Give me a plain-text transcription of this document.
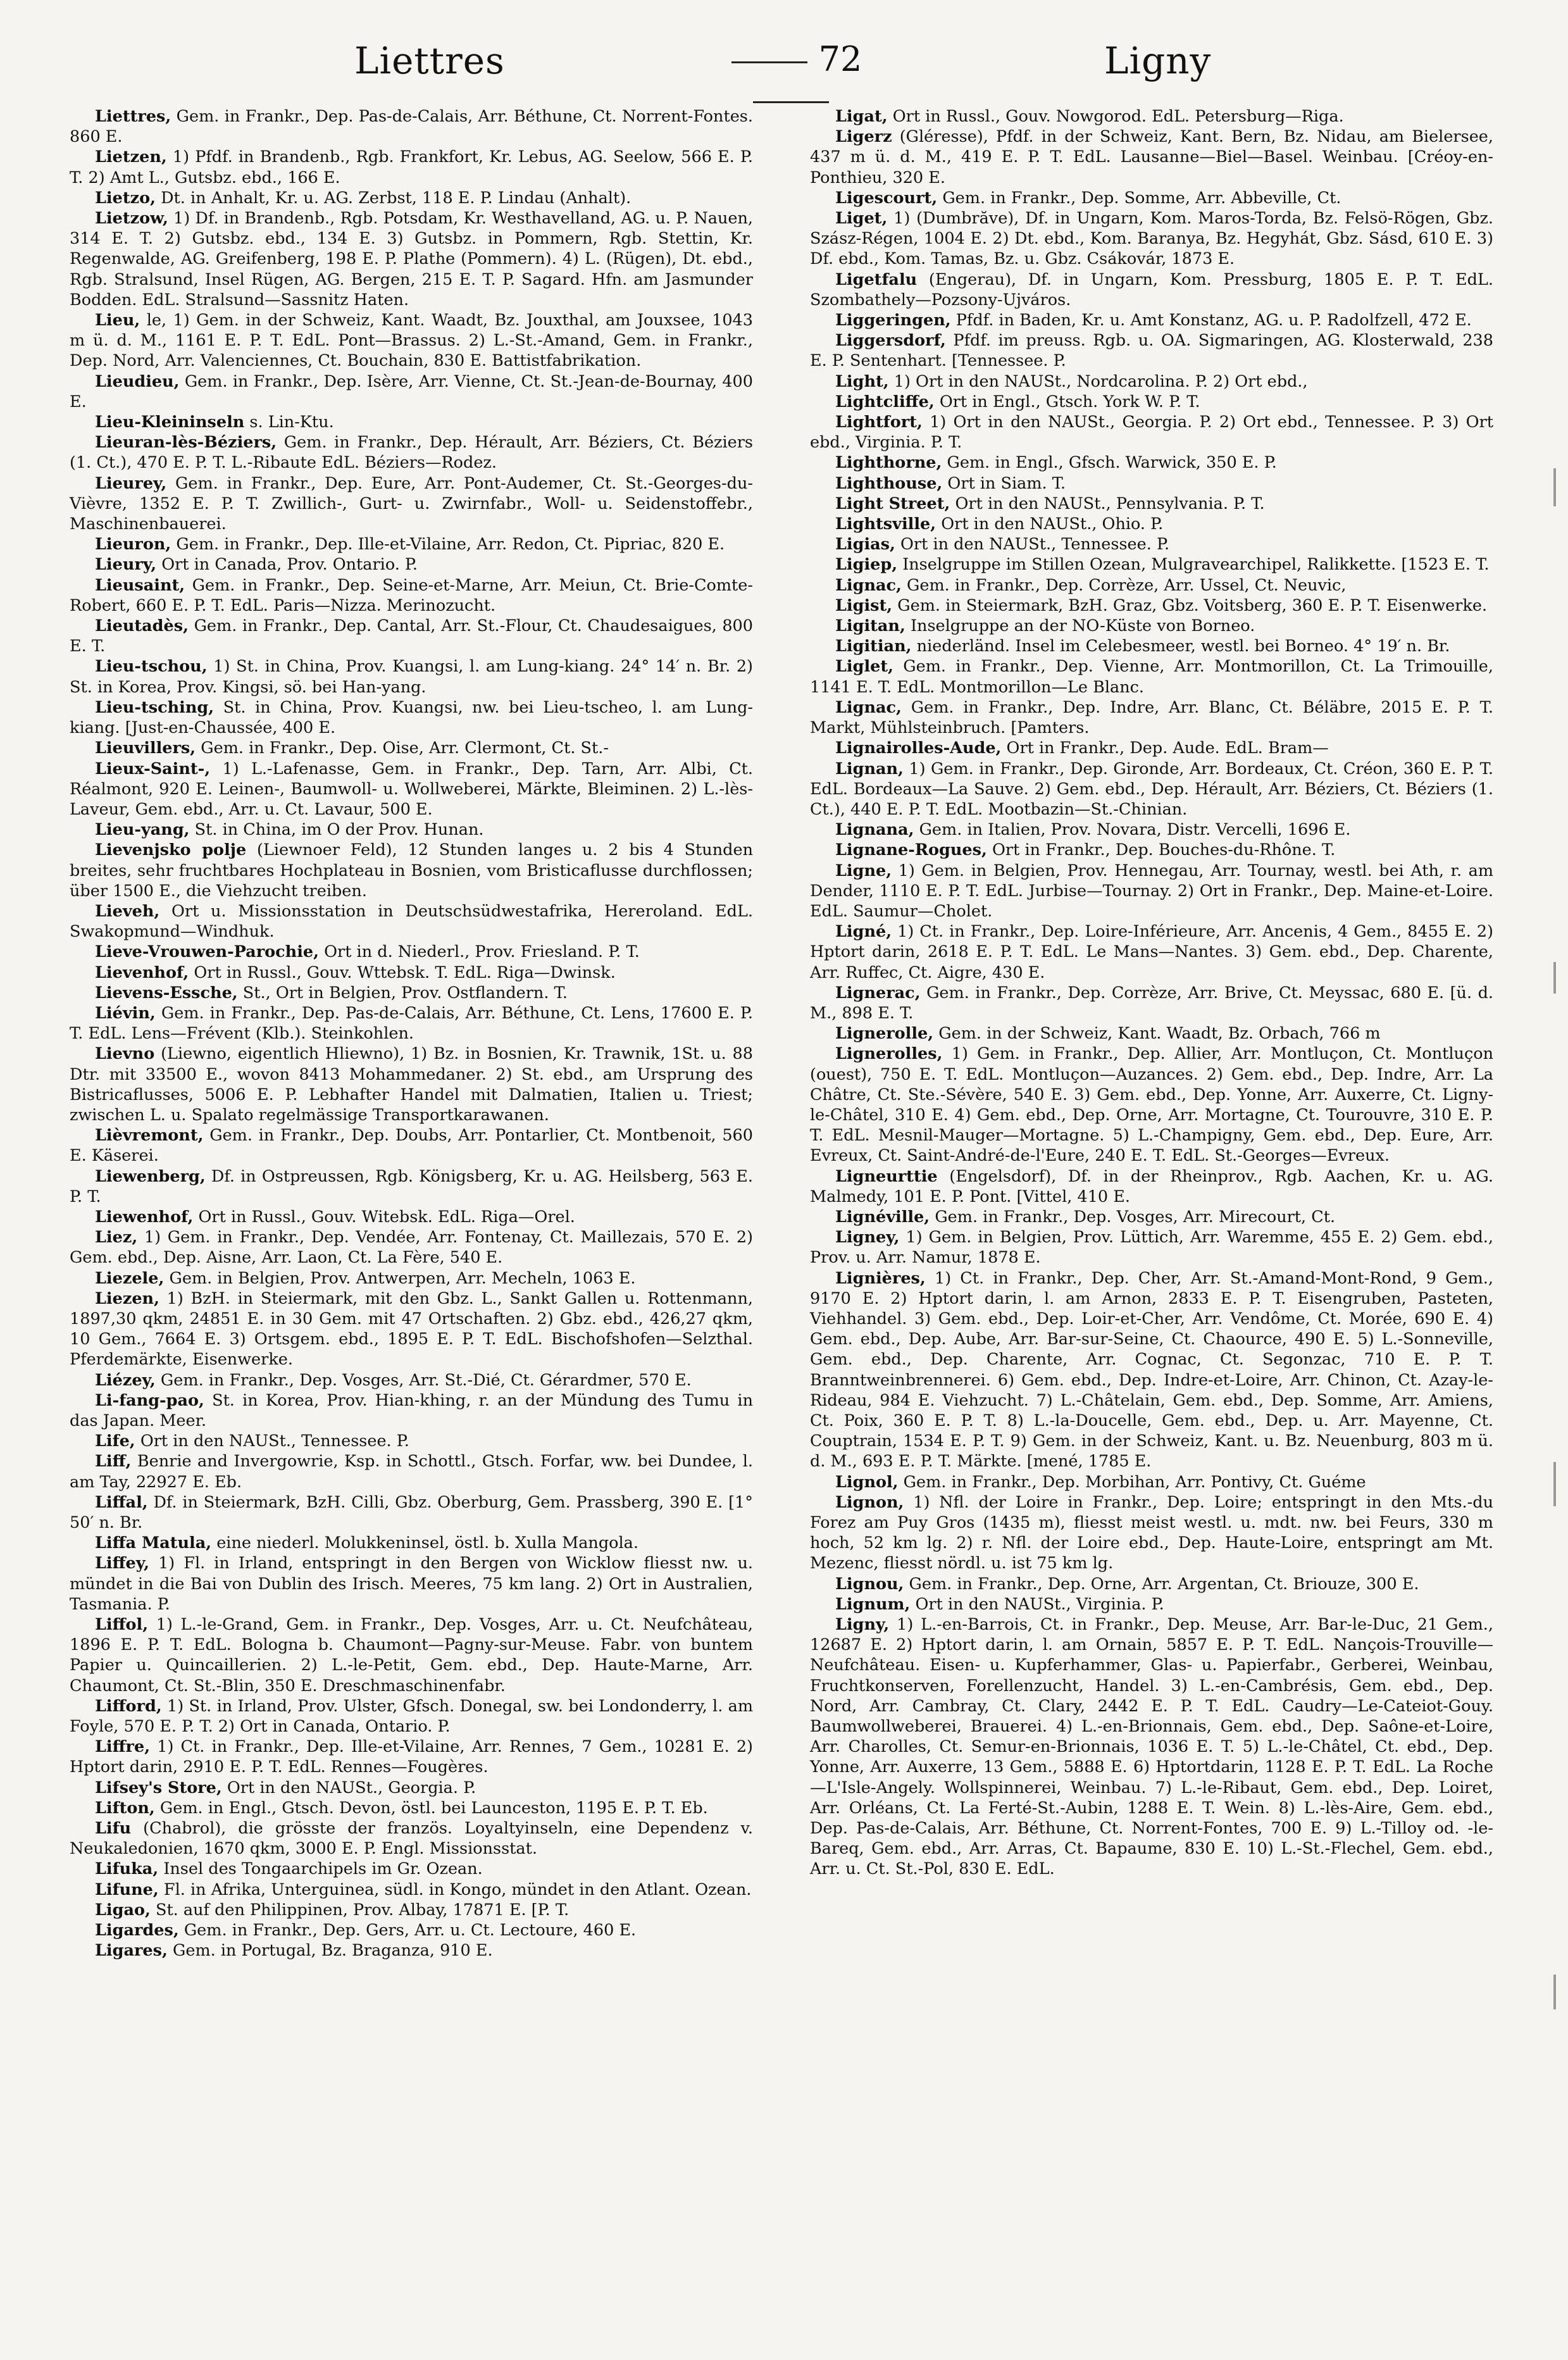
Liettres	72	Ligny

Liettres, Gem. in Frankr., Dep. Pas-de-Calais, Arr. Béthune, Ct. Norrent-Fontes. 860 E.

Lietzen, 1) Pfdf. in Brandenb., Rgb. Frankfort, Kr. Lebus, AG. Seelow, 566 E. P. T. 2) Amt L., Gutsbz. ebd., 166 E.

Lietzo, Dt. in Anhalt, Kr. u. AG. Zerbst, 118 E. P. Lindau (Anhalt).

Lietzow, 1) Df. in Brandenb., Rgb. Potsdam, Kr. Westhavelland, AG. u. P. Nauen, 314 E. T. 2) Gutsbz. ebd., 134 E. 3) Gutsbz. in Pommern, Rgb. Stettin, Kr. Regenwalde, AG. Greifenberg, 198 E. P. Plathe (Pommern). 4) L. (Rügen), Dt. ebd., Rgb. Stralsund, Insel Rügen, AG. Bergen, 215 E. T. P. Sagard. Hfn. am Jasmunder Bodden. EdL. Stralsund—Sassnitz Haten.

Lieu, le, 1) Gem. in der Schweiz, Kant. Waadt, Bz. Jouxthal, am Jouxsee, 1043 m ü. d. M., 1161 E. P. T. EdL. Pont—Brassus. 2) L.-St.-Amand, Gem. in Frankr., Dep. Nord, Arr. Valenciennes, Ct. Bouchain, 830 E. Battistfabrikation.

Lieudieu, Gem. in Frankr., Dep. Isère, Arr. Vienne, Ct. St.-Jean-de-Bournay, 400 E.

Lieu-Kleininseln s. Lin-Ktu.

Lieuran-lès-Béziers, Gem. in Frankr., Dep. Hérault, Arr. Béziers, Ct. Béziers (1. Ct.), 470 E. P. T. L.-Ribaute EdL. Béziers—Rodez.

Lieurey, Gem. in Frankr., Dep. Eure, Arr. Pont-Audemer, Ct. St.-Georges-du-Vièvre, 1352 E. P. T. Zwillich-, Gurt- u. Zwirnfabr., Woll- u. Seidenstoffebr., Maschinenbauerei.

Lieuron, Gem. in Frankr., Dep. Ille-et-Vilaine, Arr. Redon, Ct. Pipriac, 820 E.

Lieury, Ort in Canada, Prov. Ontario. P.

Lieusaint, Gem. in Frankr., Dep. Seine-et-Marne, Arr. Meiun, Ct. Brie-Comte-Robert, 660 E. P. T. EdL. Paris—Nizza. Merinozucht.

Lieutadès, Gem. in Frankr., Dep. Cantal, Arr. St.-Flour, Ct. Chaudesaigues, 800 E. T.

Lieu-tschou, 1) St. in China, Prov. Kuangsi, l. am Lung-kiang. 24° 14′ n. Br. 2) St. in Korea, Prov. Kingsi, sö. bei Han-yang.

Lieu-tsching, St. in China, Prov. Kuangsi, nw. bei Lieu-tscheo, l. am Lung-kiang. [Just-en-Chaussée, 400 E.

Lieuvillers, Gem. in Frankr., Dep. Oise, Arr. Clermont, Ct. St.-

Lieux-Saint-, 1) L.-Lafenasse, Gem. in Frankr., Dep. Tarn, Arr. Albi, Ct. Réalmont, 920 E. Leinen-, Baumwoll- u. Wollweberei, Märkte, Bleiminen. 2) L.-lès-Laveur, Gem. ebd., Arr. u. Ct. Lavaur, 500 E.

Lieu-yang, St. in China, im O der Prov. Hunan.

Lievenjsko polje (Liewnoer Feld), 12 Stunden langes u. 2 bis 4 Stunden breites, sehr fruchtbares Hochplateau in Bosnien, vom Bristicaflusse durchflossen; über 1500 E., die Viehzucht treiben.

Lieveh, Ort u. Missionsstation in Deutschsüdwestafrika, Hereroland. EdL. Swakopmund—Windhuk.

Lieve-Vrouwen-Parochie, Ort in d. Niederl., Prov. Friesland. P. T.

Lievenhof, Ort in Russl., Gouv. Wttebsk. T. EdL. Riga—Dwinsk.

Lievens-Essche, St., Ort in Belgien, Prov. Ostflandern. T.

Liévin, Gem. in Frankr., Dep. Pas-de-Calais, Arr. Béthune, Ct. Lens, 17600 E. P. T. EdL. Lens—Frévent (Klb.). Steinkohlen.

Lievno (Liewno, eigentlich Hliewno), 1) Bz. in Bosnien, Kr. Trawnik, 1St. u. 88 Dtr. mit 33500 E., wovon 8413 Mohammedaner. 2) St. ebd., am Ursprung des Bistricaflusses, 5006 E. P. Lebhafter Handel mit Dalmatien, Italien u. Triest; zwischen L. u. Spalato regelmässige Transportkarawanen.

Lièvremont, Gem. in Frankr., Dep. Doubs, Arr. Pontarlier, Ct. Montbenoit, 560 E. Käserei.

Liewenberg, Df. in Ostpreussen, Rgb. Königsberg, Kr. u. AG. Heilsberg, 563 E. P. T.

Liewenhof, Ort in Russl., Gouv. Witebsk. EdL. Riga—Orel.

Liez, 1) Gem. in Frankr., Dep. Vendée, Arr. Fontenay, Ct. Maillezais, 570 E. 2) Gem. ebd., Dep. Aisne, Arr. Laon, Ct. La Fère, 540 E.

Liezele, Gem. in Belgien, Prov. Antwerpen, Arr. Mecheln, 1063 E.

Liezen, 1) BzH. in Steiermark, mit den Gbz. L., Sankt Gallen u. Rottenmann, 1897,30 qkm, 24851 E. in 30 Gem. mit 47 Ortschaften. 2) Gbz. ebd., 426,27 qkm, 10 Gem., 7664 E. 3) Ortsgem. ebd., 1895 E. P. T. EdL. Bischofshofen—Selzthal. Pferdemärkte, Eisenwerke.

Liézey, Gem. in Frankr., Dep. Vosges, Arr. St.-Dié, Ct. Gérardmer, 570 E.

Li-fang-pao, St. in Korea, Prov. Hian-khing, r. an der Mündung des Tumu in das Japan. Meer.

Life, Ort in den NAUSt., Tennessee. P.

Liff, Benrie and Invergowrie, Ksp. in Schottl., Gtsch. Forfar, ww. bei Dundee, l. am Tay, 22927 E. Eb.

Liffal, Df. in Steiermark, BzH. Cilli, Gbz. Oberburg, Gem. Prassberg, 390 E. [1° 50′ n. Br.

Liffa Matula, eine niederl. Molukkeninsel, östl. b. Xulla Mangola.

Liffey, 1) Fl. in Irland, entspringt in den Bergen von Wicklow fliesst nw. u. mündet in die Bai von Dublin des Irisch. Meeres, 75 km lang. 2) Ort in Australien, Tasmania. P.

Liffol, 1) L.-le-Grand, Gem. in Frankr., Dep. Vosges, Arr. u. Ct. Neufchâteau, 1896 E. P. T. EdL. Bologna b. Chaumont—Pagny-sur-Meuse. Fabr. von buntem Papier u. Quincaillerien. 2) L.-le-Petit, Gem. ebd., Dep. Haute-Marne, Arr. Chaumont, Ct. St.-Blin, 350 E. Dreschmaschinenfabr.

Lifford, 1) St. in Irland, Prov. Ulster, Gfsch. Donegal, sw. bei Londonderry, l. am Foyle, 570 E. P. T. 2) Ort in Canada, Ontario. P.

Liffre, 1) Ct. in Frankr., Dep. Ille-et-Vilaine, Arr. Rennes, 7 Gem., 10281 E. 2) Hptort darin, 2910 E. P. T. EdL. Rennes—Fougères.

Lifsey's Store, Ort in den NAUSt., Georgia. P.

Lifton, Gem. in Engl., Gtsch. Devon, östl. bei Launceston, 1195 E. P. T. Eb.

Lifu (Chabrol), die grösste der französ. Loyaltyinseln, eine Dependenz v. Neukaledonien, 1670 qkm, 3000 E. P. Engl. Missionsstat.

Lifuka, Insel des Tongaarchipels im Gr. Ozean.

Lifune, Fl. in Afrika, Unterguinea, südl. in Kongo, mündet in den Atlant. Ozean.

Ligao, St. auf den Philippinen, Prov. Albay, 17871 E. [P. T.

Ligardes, Gem. in Frankr., Dep. Gers, Arr. u. Ct. Lectoure, 460 E.

Ligares, Gem. in Portugal, Bz. Braganza, 910 E.

Ligat, Ort in Russl., Gouv. Nowgorod. EdL. Petersburg—Riga.

Ligerz (Gléresse), Pfdf. in der Schweiz, Kant. Bern, Bz. Nidau, am Bielersee, 437 m ü. d. M., 419 E. P. T. EdL. Lausanne—Biel—Basel. Weinbau. [Créoy-en-Ponthieu, 320 E.

Ligescourt, Gem. in Frankr., Dep. Somme, Arr. Abbeville, Ct.

Liget, 1) (Dumbrăve), Df. in Ungarn, Kom. Maros-Torda, Bz. Felsö-Rögen, Gbz. Szász-Régen, 1004 E. 2) Dt. ebd., Kom. Baranya, Bz. Hegyhát, Gbz. Sásd, 610 E. 3) Df. ebd., Kom. Tamas, Bz. u. Gbz. Csákovár, 1873 E.

Ligetfalu (Engerau), Df. in Ungarn, Kom. Pressburg, 1805 E. P. T. EdL. Szombathely—Pozsony-Ujváros.

Liggeringen, Pfdf. in Baden, Kr. u. Amt Konstanz, AG. u. P. Radolfzell, 472 E.

Liggersdorf, Pfdf. im preuss. Rgb. u. OA. Sigmaringen, AG. Klosterwald, 238 E. P. Sentenhart. [Tennessee. P.

Light, 1) Ort in den NAUSt., Nordcarolina. P. 2) Ort ebd.,

Lightcliffe, Ort in Engl., Gtsch. York W. P. T.

Lightfort, 1) Ort in den NAUSt., Georgia. P. 2) Ort ebd., Tennessee. P. 3) Ort ebd., Virginia. P. T.

Lighthorne, Gem. in Engl., Gfsch. Warwick, 350 E. P.

Lighthouse, Ort in Siam. T.

Light Street, Ort in den NAUSt., Pennsylvania. P. T.

Lightsville, Ort in den NAUSt., Ohio. P.

Ligias, Ort in den NAUSt., Tennessee. P.

Ligiep, Inselgruppe im Stillen Ozean, Mulgravearchipel, Ralikkette. [1523 E. T.

Lignac, Gem. in Frankr., Dep. Corrèze, Arr. Ussel, Ct. Neuvic,

Ligist, Gem. in Steiermark, BzH. Graz, Gbz. Voitsberg, 360 E. P. T. Eisenwerke.

Ligitan, Inselgruppe an der NO-Küste von Borneo.

Ligitian, niederländ. Insel im Celebesmeer, westl. bei Borneo. 4° 19′ n. Br.

Liglet, Gem. in Frankr., Dep. Vienne, Arr. Montmorillon, Ct. La Trimouille, 1141 E. T. EdL. Montmorillon—Le Blanc.

Lignac, Gem. in Frankr., Dep. Indre, Arr. Blanc, Ct. Béläbre, 2015 E. P. T. Markt, Mühlsteinbruch. [Pamters.

Lignairolles-Aude, Ort in Frankr., Dep. Aude. EdL. Bram—

Lignan, 1) Gem. in Frankr., Dep. Gironde, Arr. Bordeaux, Ct. Créon, 360 E. P. T. EdL. Bordeaux—La Sauve. 2) Gem. ebd., Dep. Hérault, Arr. Béziers, Ct. Béziers (1. Ct.), 440 E. P. T. EdL. Mootbazin—St.-Chinian.

Lignana, Gem. in Italien, Prov. Novara, Distr. Vercelli, 1696 E.

Lignane-Rogues, Ort in Frankr., Dep. Bouches-du-Rhône. T.

Ligne, 1) Gem. in Belgien, Prov. Hennegau, Arr. Tournay, westl. bei Ath, r. am Dender, 1110 E. P. T. EdL. Jurbise—Tournay. 2) Ort in Frankr., Dep. Maine-et-Loire. EdL. Saumur—Cholet.

Ligné, 1) Ct. in Frankr., Dep. Loire-Inférieure, Arr. Ancenis, 4 Gem., 8455 E. 2) Hptort darin, 2618 E. P. T. EdL. Le Mans—Nantes. 3) Gem. ebd., Dep. Charente, Arr. Ruffec, Ct. Aigre, 430 E.

Lignerac, Gem. in Frankr., Dep. Corrèze, Arr. Brive, Ct. Meyssac, 680 E. [ü. d. M., 898 E. T.

Lignerolle, Gem. in der Schweiz, Kant. Waadt, Bz. Orbach, 766 m

Lignerolles, 1) Gem. in Frankr., Dep. Allier, Arr. Montluçon, Ct. Montluçon (ouest), 750 E. T. EdL. Montluçon—Auzances. 2) Gem. ebd., Dep. Indre, Arr. La Châtre, Ct. Ste.-Sévère, 540 E. 3) Gem. ebd., Dep. Yonne, Arr. Auxerre, Ct. Ligny-le-Châtel, 310 E. 4) Gem. ebd., Dep. Orne, Arr. Mortagne, Ct. Tourouvre, 310 E. P. T. EdL. Mesnil-Mauger—Mortagne. 5) L.-Champigny, Gem. ebd., Dep. Eure, Arr. Evreux, Ct. Saint-André-de-l'Eure, 240 E. T. EdL. St.-Georges—Evreux.

Ligneurttie (Engelsdorf), Df. in der Rheinprov., Rgb. Aachen, Kr. u. AG. Malmedy, 101 E. P. Pont. [Vittel, 410 E.

Lignéville, Gem. in Frankr., Dep. Vosges, Arr. Mirecourt, Ct.

Ligney, 1) Gem. in Belgien, Prov. Lüttich, Arr. Waremme, 455 E. 2) Gem. ebd., Prov. u. Arr. Namur, 1878 E.

Lignières, 1) Ct. in Frankr., Dep. Cher, Arr. St.-Amand-Mont-Rond, 9 Gem., 9170 E. 2) Hptort darin, l. am Arnon, 2833 E. P. T. Eisengruben, Pasteten, Viehhandel. 3) Gem. ebd., Dep. Loir-et-Cher, Arr. Vendôme, Ct. Morée, 690 E. 4) Gem. ebd., Dep. Aube, Arr. Bar-sur-Seine, Ct. Chaource, 490 E. 5) L.-Sonneville, Gem. ebd., Dep. Charente, Arr. Cognac, Ct. Segonzac, 710 E. P. T. Branntweinbrennerei. 6) Gem. ebd., Dep. Indre-et-Loire, Arr. Chinon, Ct. Azay-le-Rideau, 984 E. Viehzucht. 7) L.-Châtelain, Gem. ebd., Dep. Somme, Arr. Amiens, Ct. Poix, 360 E. P. T. 8) L.-la-Doucelle, Gem. ebd., Dep. u. Arr. Mayenne, Ct. Couptrain, 1534 E. P. T. 9) Gem. in der Schweiz, Kant. u. Bz. Neuenburg, 803 m ü. d. M., 693 E. P. T. Märkte. [mené, 1785 E.

Lignol, Gem. in Frankr., Dep. Morbihan, Arr. Pontivy, Ct. Guéme

Lignon, 1) Nfl. der Loire in Frankr., Dep. Loire; entspringt in den Mts.-du Forez am Puy Gros (1435 m), fliesst meist westl. u. mdt. nw. bei Feurs, 330 m hoch, 52 km lg. 2) r. Nfl. der Loire ebd., Dep. Haute-Loire, entspringt am Mt. Mezenc, fliesst nördl. u. ist 75 km lg.

Lignou, Gem. in Frankr., Dep. Orne, Arr. Argentan, Ct. Briouze, 300 E.

Lignum, Ort in den NAUSt., Virginia. P.

Ligny, 1) L.-en-Barrois, Ct. in Frankr., Dep. Meuse, Arr. Bar-le-Duc, 21 Gem., 12687 E. 2) Hptort darin, l. am Ornain, 5857 E. P. T. EdL. Nançois-Trouville—Neufchâteau. Eisen- u. Kupferhammer, Glas- u. Papierfabr., Gerberei, Weinbau, Fruchtkonserven, Forellenzucht, Handel. 3) L.-en-Cambrésis, Gem. ebd., Dep. Nord, Arr. Cambray, Ct. Clary, 2442 E. P. T. EdL. Caudry—Le-Cateiot-Gouy. Baumwollweberei, Brauerei. 4) L.-en-Brionnais, Gem. ebd., Dep. Saône-et-Loire, Arr. Charolles, Ct. Semur-en-Brionnais, 1036 E. T. 5) L.-le-Châtel, Ct. ebd., Dep. Yonne, Arr. Auxerre, 13 Gem., 5888 E. 6) Hptortdarin, 1128 E. P. T. EdL. La Roche—L'Isle-Angely. Wollspinnerei, Weinbau. 7) L.-le-Ribaut, Gem. ebd., Dep. Loiret, Arr. Orléans, Ct. La Ferté-St.-Aubin, 1288 E. T. Wein. 8) L.-lès-Aire, Gem. ebd., Dep. Pas-de-Calais, Arr. Béthune, Ct. Norrent-Fontes, 700 E. 9) L.-Tilloy od. -le-Bareq, Gem. ebd., Arr. Arras, Ct. Bapaume, 830 E. 10) L.-St.-Flechel, Gem. ebd., Arr. u. Ct. St.-Pol, 830 E. EdL.
